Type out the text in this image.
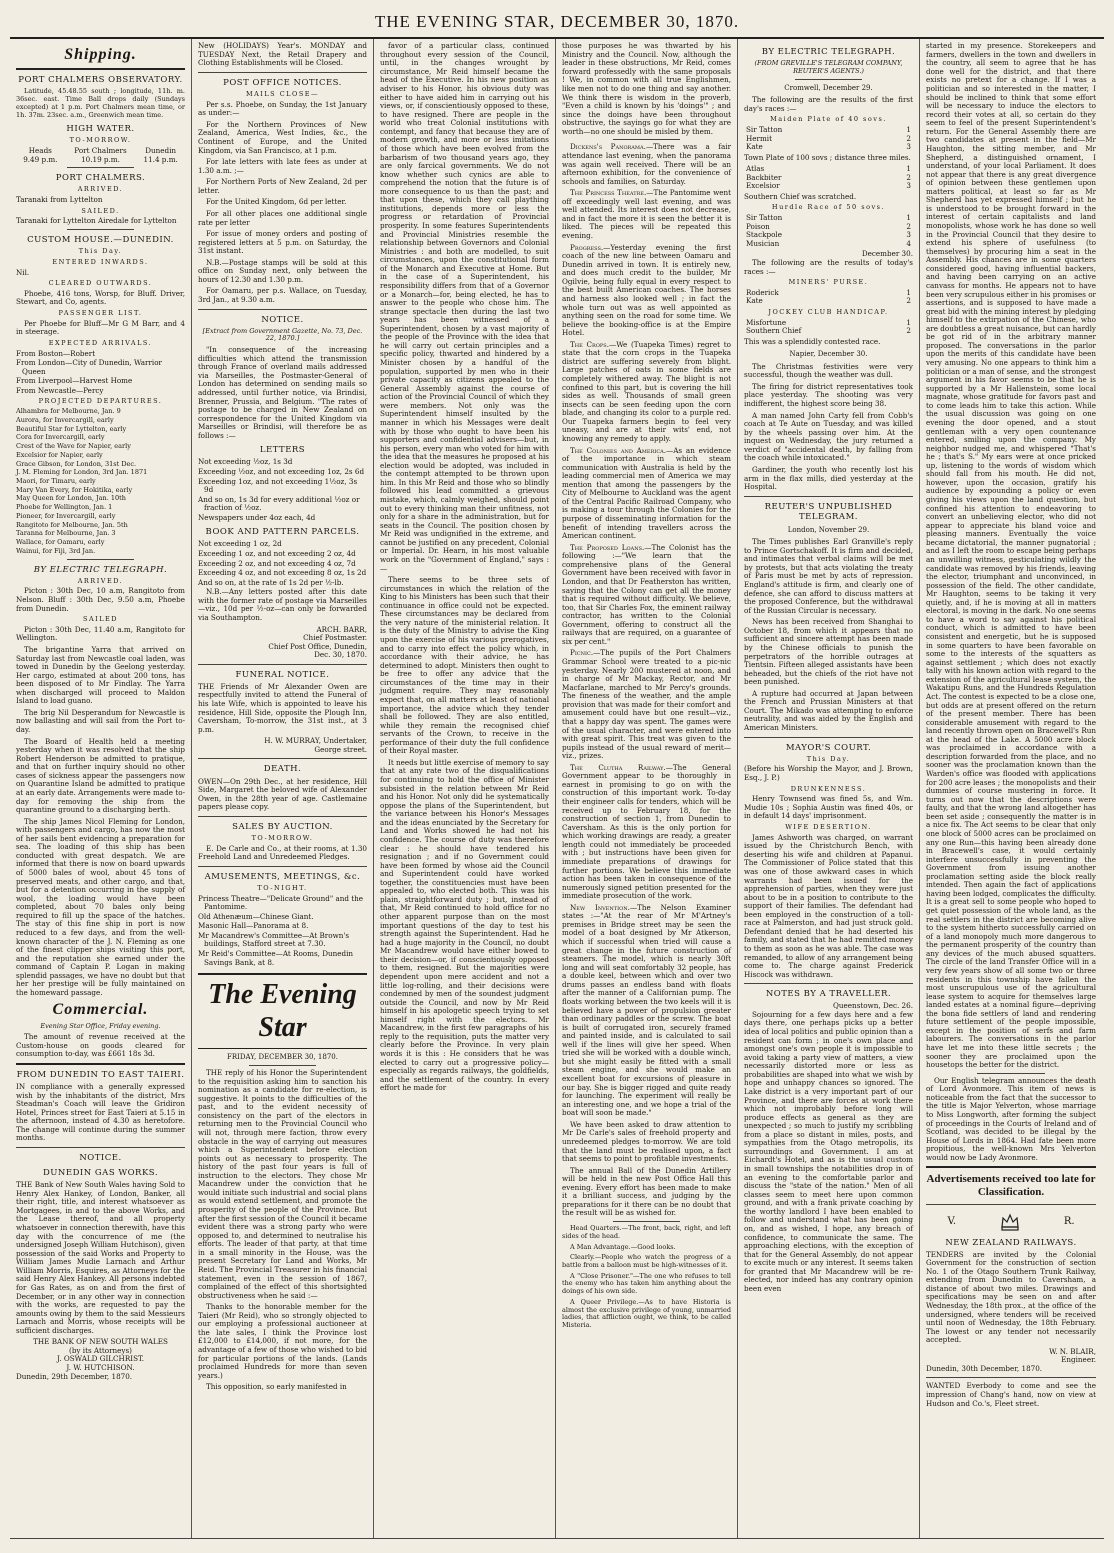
THE EVENING STAR, DECEMBER 30, 1870.
Shipping.
PORT CHALMERS OBSERVATORY.

Latitude, 45.48.55 south ; longitude, 11h. m. 36sec. east. Time Ball drops daily (Sundays excepted) at 1 p.m. Port Chalmers mean time, or 1h. 37m. 23sec. a.m., Greenwich mean time.

HIGH WATER.
TO-MORROW.
Heads	Port Chalmers	Dunedin
9.49 p.m.	10.19 p.m.	11.4 p.m.
PORT CHALMERS.
ARRIVED.

Taranaki from Lyttelton

SAILED.

Taranaki for Lyttelton Airedale for Lyttelton

CUSTOM HOUSE.—DUNEDIN.
This Day.
ENTERED INWARDS.

Nil.

CLEARED OUTWARDS.

Phoebe, 416 tons, Worsp, for Bluff. Driver, Stewart, and Co, agents.

PASSENGER LIST.

Per Phoebe for Bluff—Mr G M Barr, and 4 in steerage.

EXPECTED ARRIVALS.
From Boston—Robert
From London—City of Dunedin, Warrior Queen
From Liverpool—Harvest Home
From Newcastle—Percy
PROJECTED DEPARTURES.
Alhambra for Melbourne, Jan. 9
Aurora, for Invercargill, early
Beautiful Star for Lyttelton, early
Cora for Invercargill, early
Crest of the Wave for Napier, early
Excelsior for Napier, early
Grace Gibson, for London, 31st Dec.
J. M. Fleming for London, 3rd Jan. 1871
Maori, for Timaru, early
Mary Van Every, for Hokitika, early
May Queen for London, Jan. 10th
Phoebe for Wellington, Jan. 1
Pioneer, for Invercargill, early
Rangitoto for Melbourne, Jan. 5th
Taranna for Melbourne, Jan. 3
Wallace, for Oamaru, early
Wainui, for Fiji, 3rd Jan.
BY ELECTRIC TELEGRAPH.
ARRIVED.

Picton : 30th Dec, 10 a.m, Rangitoto from Nelson. Bluff : 30th Dec, 9.50 a.m, Phoebe from Dunedin.

SAILED

Picton : 30th Dec, 11.40 a.m, Rangitoto for Wellington.

The brigantine Yarra that arrived on Saturday last from Newcastle coal laden, was towed in Dunedin by the Geelong yesterday. Her cargo, estimated at about 200 tons, has been disposed of to Mr Findlay. The Yarra when discharged will proceed to Maldon Island to load guano.

The brig Nil Desperandum for Newcastle is now ballasting and will sail from the Port to-day.

The Board of Health held a meeting yesterday when it was resolved that the ship Robert Henderson be admitted to pratique, and that on further inquiry should no other cases of sickness appear the passengers now on Quarantine Island be admitted to pratique at an early date. Arrangements were made to-day for removing the ship from the quarantine ground to a discharging berth.

The ship James Nicol Fleming for London, with passengers and cargo, has now the most of her sails bent evidencing a preparation for sea. The loading of this ship has been conducted with great despatch. We are informed that there is now on board upwards of 5000 bales of wool, about 45 tons of preserved meats, and other cargo, and that, but for a detention occurring in the supply of wool, the loading would have been completed, about 70 bales only being required to fill up the space of the hatches. The stay of this fine ship in port is now reduced to a few days, and from the well-known character of the J. N. Fleming as one of the finest clipper ships visiting this port, and the reputation she earned under the command of Captain P. Logan in making splendid passages, we have no doubt but that her her prestige will be fully maintained on the homeward passage.

Commercial.
Evening Star Office, Friday evening.

The amount of revenue received at the Custom-house on goods cleared for consumption to-day, was £661 18s 3d.

FROM DUNEDIN TO EAST TAIERI.

IN compliance with a generally expressed wish by the inhabitants of the district, Mrs Steadman's Coach will leave the Gridiron Hotel, Princes street for East Taieri at 5.15 in the afternoon, instead of 4.30 as heretofore. The change will continue during the summer months.

NOTICE.
DUNEDIN GAS WORKS.

THE Bank of New South Wales having Sold to Henry Alex Hankey, of London, Banker, all their right, title, and interest whatsoever as Mortgagees, in and to the above Works, and the Lease thereof, and all property whatsoever in connection therewith, have this day with the concurrence of me (the undersigned Joseph William Hutchison), given possession of the said Works and Property to William James Mudie Larnach and Arthur William Morris, Esquires, as Attorneys for the said Henry Alex Hankey. All persons indebted for Gas Rates, as on and from the first of December, or in any other way in connection with the works, are requested to pay the amounts owing by them to the said Messieurs Larnach and Morris, whose receipts will be sufficient discharges.

THE BANK OF NEW SOUTH WALES
(by its Attorneys)
J. OSWALD GILCHRIST.
J. W. HUTCHISON.

Dunedin, 29th December, 1870.

New (HOLIDAYS) Year's. MONDAY and TUESDAY Next, the Retail Drapery and Clothing Establishments will be Closed.

POST OFFICE NOTICES.
MAILS CLOSE—

Per s.s. Phoebe, on Sunday, the 1st January as under:—

For the Northern Provinces of New Zealand, America, West Indies, &c., the Continent of Europe, and the United Kingdom, via San Francisco, at 1 p.m.

For late letters with late fees as under at 1.30 a.m. ;—

For Northern Ports of New Zealand, 2d per letter.

For the United Kingdom, 6d per letter.

For all other places one additional single rate per letter

For issue of money orders and posting of registered letters at 5 p.m. on Saturday, the 31st instant.

N.B.—Postage stamps will be sold at this office on Sunday next, only between the hours of 12.30 and 1.30 p.m.

For Oamaru, per p.s. Wallace, on Tuesday, 3rd Jan., at 9.30 a.m.

NOTICE.
[Extract from Government Gazette, No. 73, Dec. 22, 1870.]

"In consequence of the increasing difficulties which attend the transmission through France of overland mails addressed via Marseilles, the Postmaster-General of London has determined on sending mails so addressed, until further notice, via Brindisi, Brenner, Prussia, and Belgium. "The rates of postage to be charged in New Zealand on correspondence for the United Kingdom via Marseilles or Brindisi, will therefore be as follows :—

LETTERS
Not exceeding ½oz, 1s 3d
Exceeding ½oz, and not exceeding 1oz, 2s 6d
Exceeding 1oz, and not exceeding 1½oz, 3s 9d
And so on, 1s 3d for every additional ½oz or fraction of ½oz.
Newspapers under 4oz each, 4d
BOOK AND PATTERN PARCELS.
Not exceeding 1 oz, 2d
Exceeding 1 oz, and not exceeding 2 oz, 4d
Exceeding 2 oz, and not exceeding 4 oz, 7d
Exceeding 4 oz, and not exceeding 8 oz, 1s 2d
And so on, at the rate of 1s 2d per ½-lb.

N.B.—Any letters posted after this date with the former rate of postage via Marseilles—viz., 10d per ½-oz—can only be forwarded via Southampton.

ARCH. BARR,
Chief Postmaster.
Chief Post Office, Dunedin,
Dec. 30, 1870.
FUNERAL NOTICE.

THE Friends of Mr Alexander Owen are respectfully invited to attend the Funeral of his late Wife, which is appointed to leave his residence, Hill Side, opposite the Plough Inn, Caversham, To-morrow, the 31st inst., at 3 p.m.

H. W. MURRAY, Undertaker,
George street.
DEATH.

OWEN—On 29th Dec., at her residence, Hill Side, Margaret the beloved wife of Alexander Owen, in the 28th year of age. Castlemaine papers please copy.

SALES BY AUCTION.
TO-MORROW.

E. De Carle and Co., at their rooms, at 1.30 Freehold Land and Unredeemed Pledges.

AMUSEMENTS, MEETINGS, &c.
TO-NIGHT.
Princess Theatre—"Delicate Ground" and the Pantomime.
Old Athenæum—Chinese Giant.
Masonic Hall—Panorama at 8.
Mr Macandrew's Committee—At Brown's buildings, Stafford street at 7.30.
Mr Reid's Committee—At Rooms, Dunedin Savings Bank, at 8.
The Evening Star
FRIDAY, DECEMBER 30, 1870.

THE reply of his Honor the Superintendent to the requisition asking him to sanction his nomination as a candidate for re-election, is suggestive. It points to the difficulties of the past, and to the evident necessity of consistency on the part of the electors in returning men to the Provincial Council who will not, through mere faction, throw every obstacle in the way of carrying out measures which a Superintendent before election points out as necessary to prosperity. The history of the past four years is full of instruction to the electors. They chose Mr Macandrew under the conviction that he would initiate such industrial and social plans as would extend settlement, and promote the prosperity of the people of the Province. But after the first session of the Council it became evident there was a strong party who were opposed to, and determined to neutralise his efforts. The leader of that party, at that time in a small minority in the House, was the present Secretary for Land and Works, Mr Reid. The Provincial Treasurer in his financial statement, even in the session of 1867, complained of the effect of this shortsighted obstructiveness when he said :—

Thanks to the honorable member for the Taieri (Mr Reid), who so strongly objected to our employing a professional auctioneer at the late sales, I think the Province lost £12,000 to £14,000, if not more, for the advantage of a few of those who wished to bid for particular portions of the lands. (Lands proclaimed Hundreds for more than seven years.)

This opposition, so early manifested in

favor of a particular class, continued throughout every session of the Council, until, in the changes wrought by circumstance, Mr Reid himself became the head of the Executive. In his new position as adviser to his Honor, his obvious duty was either to have aided him in carrying out his views, or, if conscientiously opposed to these, to have resigned. There are people in the world who treat Colonial institutions with contempt, and fancy that because they are of modern growth, and more or less imitations of those which have been evolved from the barbarism of two thousand years ago, they are only farcical governments. We do not know whether such cynics are able to comprehend the notion that the future is of more consequence to us than the past; and that upon these, which they call plaything institutions, depends more or less the progress or retardation of Provincial prosperity. In some features Superintendents and Provincial Ministries resemble the relationship between Governors and Colonial Ministries : and both are modelled, to suit circumstances, upon the constitutional form of the Monarch and Executive at Home. But in the case of a Superintendent, his responsibility differs from that of a Governor or a Monarch—for, being elected, he has to answer to the people who chose him. The strange spectacle then during the last two years has been witnessed of a Superintendent, chosen by a vast majority of the people of the Province with the idea that he will carry out certain principles and a specific policy, thwarted and hindered by a Minister chosen by a handful of the population, supported by men who in their private capacity as citizens appealed to the General Assembly against the course of action of the Provincial Council of which they were members. Not only was the Superintendent himself insulted by the manner in which his Messages were dealt with by those who ought to have been his supporters and confidential advisers—but, in his person, every man who voted for him with the idea that the measures he proposed at his election would be adopted, was included in the contempt attempted to be thrown upon him. In this Mr Reid and those who so blindly followed his lead committed a grievous mistake, which, calmly weighed, should point out to every thinking man their unfitness, not only for a share in the administration, but for seats in the Council. The position chosen by Mr Reid was undignified in the extreme, and cannot be justified on any precedent, Colonial or Imperial. Dr. Hearn, in his most valuable work on the "Government of England," says :—

There seems to be three sets of circumstances in which the relation of the King to his Ministers has been such that their continuance in office could not be expected. These circumstances may be declared from the very nature of the ministerial relation. It is the duty of the Ministry to advise the King upon the exercise of his various prerogatives, and to carry into effect the policy which, in accordance with their advice, he has determined to adopt. Ministers then ought to be free to offer any advice that the circumstances of the time may in their judgment require. They may reasonably expect that, on all matters at least of national importance, the advice which they tender shall be followed. They are also entitled, while they remain the recognised chief servants of the Crown, to receive in the performance of their duty the full confidence of their Royal master.

It needs but little exercise of memory to say that at any rate two of the disqualifications for continuing to hold the office of Minister subsisted in the relation between Mr Reid and his Honor. Not only did he systematically oppose the plans of the Superintendent, but the variance between his Honor's Messages and the ideas enunciated by the Secretary for Land and Works showed he had not his confidence. The course of duty was therefore clear : he should have tendered his resignation ; and if no Government could have been formed by whose aid the Council and Superintendent could have worked together, the constituencies must have been appealed to, who elected both. This was his plain, straightforward duty ; but, instead of that, Mr Reid continued to hold office for no other apparent purpose than on the most important questions of the day to test his strength against the Superintendent. Had he had a huge majority in the Council, no doubt Mr Macandrew would have either bowed to their decision—or, if conscientiously opposed to them, resigned. But the majorities were dependent upon mere accident and not a little log-rolling, and their decisions were condemned by men of the soundest judgment outside the Council, and now by Mr Reid himself in his apologetic speech trying to set himself right with the electors. Mr Macandrew, in the first few paragraphs of his reply to the requisition, puts the matter very clearly before the Province. In very plain words it is this : He considers that he was elected to carry out a progressive policy—especially as regards railways, the goldfields, and the settlement of the country. In every effort he made for

those purposes he was thwarted by his Ministry and the Council. Now, although the leader in these obstructions, Mr Reid, comes forward professedly with the same proposals ! We, in common with all true Englishmen, like men not to do one thing and say another. We think there is wisdom in the proverb, "Even a child is known by his 'doings'" ; and since the doings have been throughout obstructive, the sayings go for what they are worth—no one should be misled by them.

Dickens's Panorama.—There was a fair attendance last evening, when the panorama was again well received. There will be an afternoon exhibition, for the convenience of schools and families, on Saturday.

The Princess Theatre.—The Pantomime went off exceedingly well last evening, and was well attended. Its interest does not decrease, and in fact the more it is seen the better it is liked. The pieces will be repeated this evening.

Progress.—Yesterday evening the first coach of the new line between Oamaru and Dunedin arrived in town. It is entirely new, and does much credit to the builder, Mr Ogilvie, being fully equal in every respect to the best built American coaches. The horses and harness also looked well ; in fact the whole turn out was as well appointed as anything seen on the road for some time. We believe the booking-office is at the Empire Hotel.

The Crops.—We (Tuapeka Times) regret to state that the corn crops in the Tuapeka district are suffering severely from blight. Large patches of oats in some fields are completely withered away. The blight is not confined to this part, but is covering the hill sides as well. Thousands of small green insects can be seen feeding upon the corn blade, and changing its color to a purple red. Our Tuapeka farmers begin to feel very uneasy, and are at their wits' end, not knowing any remedy to apply.

The Colonies and America.—As an evidence of the importance in which steam communication with Australia is held by the leading commercial men of America we may mention that among the passengers by the City of Melbourne to Auckland was the agent of the Central Pacific Railroad Company, who is making a tour through the Colonies for the purpose of disseminating information for the benefit of intending travellers across the American continent.

The Proposed Loans.—The Colonist has the following :—"We learn that the comprehensive plans of the General Government have been received with favor in London, and that Dr Featherston has written, saying that the Colony can get all the money that is required without difficulty. We believe, too, that Sir Charles Fox, the eminent railway contractor, has written to the Colonial Government, offering to construct all the railways that are required, on a guarantee of six per cent."

Picnic.—The pupils of the Port Chalmers Grammar School were treated to a pic-nic yesterday. Nearly 200 mustered at noon, and in charge of Mr Mackay, Rector, and Mr Macfarlane, marched to Mr Percy's grounds. The fineness of the weather, and the ample provision that was made for their comfort and amusement could have but one result—viz., that a happy day was spent. The games were of the usual character, and were entered into with great spirit. This treat was given to the pupils instead of the usual reward of merit—viz., prizes.

The Clutha Railway.—The General Government appear to be thoroughly in earnest in promising to go on with the construction of this important work. To-day their engineer calls for tenders, which will be received up to February 18, for the construction of section 1, from Dunedin to Caversham. As this is the only portion for which working drawings are ready, a greater length could not immediately be proceeded with ; but instructions have been given for immediate preparations of drawings for further portions. We believe this immediate action has been taken in consequence of the numerously signed petition presented for the immediate prosecution of the work.

New Invention.—The Nelson Examiner states :—"At the rear of Mr M'Artney's premises in Bridge street may be seen the model of a boat designed by Mr Atkerson, which if successful when tried will cause a great change in the future construction of steamers. The model, which is nearly 30ft long and will seat comfortably 32 people, has a double keel, between which and over two drums passes an endless band with floats after the manner of a Californian pump. The floats working between the two keels will it is believed have a power of propulsion greater than ordinary paddles or the screw. The boat is built of corrugated iron, securely framed and painted inside, and is calculated to sail well if the lines will give her speed. When tried she will be worked with a double winch, but she might easily be fitted with a small steam engine, and she would make an excellent boat for excursions of pleasure in our bay. She is bigger rigged and quite ready for launching. The experiment will really be an interesting one, and we hope a trial of the boat will soon be made."

We have been asked to draw attention to Mr De Carle's sales of freehold property and unredeemed pledges to-morrow. We are told that the land must be realised upon, a fact that seems to point to profitable investments.

The annual Ball of the Dunedin Artillery will be held in the new Post Office Hall this evening. Every effort has been made to make it a brilliant success, and judging by the preparations for it there can be no doubt that the result will be as wished for.

Head Quarters.—The front, back, right, and left sides of the head.

A Man Advantage.—Good looks.

Clearly.—People who watch the progress of a battle from a balloon must be high-witnesses of it.

A "Close Prisoner."—The one who refuses to tell the enemy who has taken him anything about the doings of his own side.

A Queer Privilege.—As to have Historia is almost the exclusive privilege of young, unmarried ladies, that affliction ought, we think, to be called Misteria.

BY ELECTRIC TELEGRAPH.
(FROM GREVILLE'S TELEGRAM COMPANY, REUTER'S AGENTS.)
Cromwell, December 29.

The following are the results of the first day's races :—

Maiden Plate of 40 sovs.
Sir Tatton	1
Hermit	2
Kate	3

Town Plate of 100 sovs ; distance three miles.

Atlas	1
Backbiter	2
Excelsior	3

Southern Chief was scratched.

Hurdle Race of 50 sovs.
Sir Tatton	1
Poison	2
Stackpole	3
Musician	4
December 30.

The following are the results of today's races :—

MINERS' PURSE.
Roderick	1
Kate	2
JOCKEY CLUB HANDICAP.
Misfortune	1
Southern Chief	2

This was a splendidly contested race.

Napier, December 30.

The Christmas festivities were very successful, though the weather was dull.

The firing for district representatives took place yesterday. The shooting was very indifferent, the highest score being 38.

A man named John Carty fell from Cobb's coach at Te Aute on Tuesday, and was killed by the wheels passing over him. At the inquest on Wednesday, the jury returned a verdict of "accidental death, by falling from the coach while intoxicated."

Gardiner, the youth who recently lost his arm in the flax mills, died yesterday at the Hospital.

REUTER'S UNPUBLISHED TELEGRAM.
London, November 29.

The Times publishes Earl Granville's reply to Prince Gortschakoff. It is firm and decided, and intimates that verbal claims will be met by protests, but that acts violating the treaty of Paris must be met by acts of repression. England's attitude is firm, and clearly one of defence, she can afford to discuss matters at the proposed Conference, but the withdrawal of the Russian Circular is necessary.

News has been received from Shanghai to October 18, from which it appears that no sufficient and sincere attempt has been made by the Chinese officials to punish the perpetrators of the horrible outrages at Tientsin. Fifteen alleged assistants have been beheaded, but the chiefs of the riot have not been punished.

A rupture had occurred at Japan between the French and Prussian Ministers at that Court. The Mikado was attempting to enforce neutrality, and was aided by the English and American Ministers.

MAYOR'S COURT.
This Day.

(Before his Worship the Mayor, and J. Brown, Esq., J. P.)

DRUNKENNESS.

Henry Townsend was fined 5s, and Wm. Mudie 10s ; Sophia Austin was fined 40s, or in default 14 days' imprisonment.

WIFE DESERTION.

James Ashworth was charged, on warrant issued by the Christchurch Bench, with deserting his wife and children at Papanui. The Commissioner of Police stated that this was one of those awkward cases in which warrants had been issued for the apprehension of parties, when they were just about to be in a position to contribute to the support of their families. The defendant had been employed in the construction of a toll-race at Palmerston, and had just struck gold. Defendant denied that he had deserted his family, and stated that he had remitted money to them as soon as he was able. The case was remanded, to allow of any arrangement being come to. The charge against Frederick Hiscock was withdrawn.

NOTES BY A TRAVELLER.
Queenstown, Dec. 26.

Sojourning for a few days here and a few days there, one perhaps picks up a better idea of local politics and public opinion than a resident can form ; in one's own place and amongst one's own people it is impossible to avoid taking a party view of matters, a view necessarily distorted more or less as probabilities are shaped into what we wish by hope and unhappy chances so ignored. The Lake district is a very important part of our Province, and there are forces at work there which not improbably before long will produce effects as general as they are unexpected ; so much to justify my scribbling from a place so distant in miles, posts, and sympathies from the Otago metropolis, its surroundings and Government. I am at Eichardt's Hotel, and as is the usual custom in small townships the notabilities drop in of an evening to the comfortable parlor and discuss the "state of the nation." Men of all classes seem to meet here upon common ground, and with a frank private coaching by the worthy landlord I have been enabled to follow and understand what has been going on, and as wished, I hope, any breach of confidence, to communicate the same. The approaching elections, with the exception of that for the General Assembly, do not appear to excite much or any interest. It seems taken for granted that Mr Macandrew will be re-elected, nor indeed has any contrary opinion been even

started in my presence. Storekeepers and farmers, dwellers in the town and dwellers in the country, all seem to agree that he has done well for the district, and that there exists no pretext for a change. If I was a politician and so interested in the matter, I should be inclined to think that some effort will be necessary to induce the electors to record their votes at all, so certain do they seem to feel of the present Superintendent's return. For the General Assembly there are two candidates at present in the field—Mr Haughton, the sitting member, and Mr Shepherd, a distinguished ornament, I understand, of your local Parliament. It does not appear that there is any great divergence of opinion between these gentlemen upon matters political, at least so far as Mr Shepherd has yet expressed himself ; but he is understood to be brought forward in the interest of certain capitalists and land monopolists, whose work he has done so well in the Provincial Council that they desire to extend his sphere of usefulness (to themselves) by procuring him a seat in the Assembly. His chances are in some quarters considered good, having influential backers, and having been carrying on an active canvass for months. He appears not to have been very scrupulous either in his promises or assertions, and is supposed to have made a great bid with the mining interest by pledging himself to the extirpation of the Chinese, who are doubtless a great nuisance, but can hardly be got rid of in the arbitrary manner proposed. The conversations in the parlor upon the merits of this candidate have been very amusing. No one appears to think him a politician or a man of sense, and the strongest argument in his favor seems to be that he is supported by a Mr Hallenstein, some local magnate, whose gratitude for favors past and to come leads him to take this action. While the usual discussion was going on one evening the door opened, and a stout gentleman with a very open countenance entered, smiling upon the company. My neighbor nudged me, and whispered "That's he ; that's S." My ears were at once pricked up, listening to the words of wisdom which should fall from his mouth. He did not, however, upon the occasion, gratify his audience by expounding a policy or even giving his views upon the land question, but confined his attention to endeavoring to convert an unbelieving elector, who did not appear to appreciate his bland voice and pleasing manners. Eventually the voice became dictatorial, the manner pugnatorial ; and as I left the room to escape being perhaps an unwilling witness, gesticulating wildly the candidate was removed by his friends, leaving the elector, triumphant and unconvinced, in possession of the field. The other candidate, Mr Haughton, seems to be taking it very quietly, and, if he is moving at all in matters electoral, is moving in the dark. No one seems to have a word to say against his political conduct, which is admitted to have been consistent and energetic, but he is supposed in some quarters to have been favorable on some to the interests of the squatters as against settlement ; which does not exactly tally with his known action with regard to the extension of the agricultural lease system, the Wakatipu Runs, and the Hundreds Regulation Act. The contest is expected to be a close one, but odds are at present offered on the return of the present member. There has been considerable amusement with regard to the land recently thrown open on Bracewell's Run at the head of the Lake. A 5000 acre block was proclaimed in accordance with a description forwarded from the place, and no sooner was the proclamation known than the Warden's office was flooded with applications for 200 acre leases ; the monopolists and their dummies of course mustering in force. It turns out now that the descriptions were faulty, and that the wrong land altogether has been set aside ; consequently the matter is in a nice fix. The Act seems to be clear that only one block of 5000 acres can be proclaimed on any one Run—this having been already done in Bracewell's case, it would certainly interfere unsuccessfully in preventing the Government from issuing another proclamation setting aside the block really intended. Then again the fact of applications having been lodged, complicates the difficulty. It is a great sell to some people who hoped to get quiet possession of the whole land, as the real settlers in the district are becoming alive to the system hitherto successfully carried on of a land monopoly much more dangerous to the permanent prosperity of the country than any devices of the much abused squatters. The circle of the land Transfer Office will in a very few years show of all some two or three residents in this township have fallen the most unscrupulous use of the agricultural lease system to acquire for themselves large landed estates at a nominal figure—depriving the bona fide settlers of land and rendering future settlement of the people impossible, except in the position of serfs and farm labourers. The conversations in the parlor have let me into these little secrets ; the sooner they are proclaimed upon the housetops the better for the district.

Our English telegram announces the death of Lord Avonmore. This item of news is noticeable from the fact that the successor to the title is Major Yelverton, whose marriage to Miss Longworth, after forming the subject of proceedings in the Courts of Ireland and of Scotland, was decided to be illegal by the House of Lords in 1864. Had fate been more propitious, the well-known Mrs Yelverton would now be Lady Avonmore.

Advertisements received too late for Classification.
V.	R.
NEW ZEALAND RAILWAYS.

TENDERS are invited by the Colonial Government for the construction of section No. 1 of the Otago Southern Trunk Railway, extending from Dunedin to Caversham, a distance of about two miles. Drawings and specifications may be seen on and after Wednesday, the 18th prox., at the office of the undersigned, where tenders will be received until noon of Wednesday, the 18th February. The lowest or any tender not necessarily accepted.

W. N. BLAIR,
Engineer.

Dunedin, 30th December, 1870.

WANTED Everbody to come and see the impression of Chang's hand, now on view at Hudson and Co.'s, Fleet street.
